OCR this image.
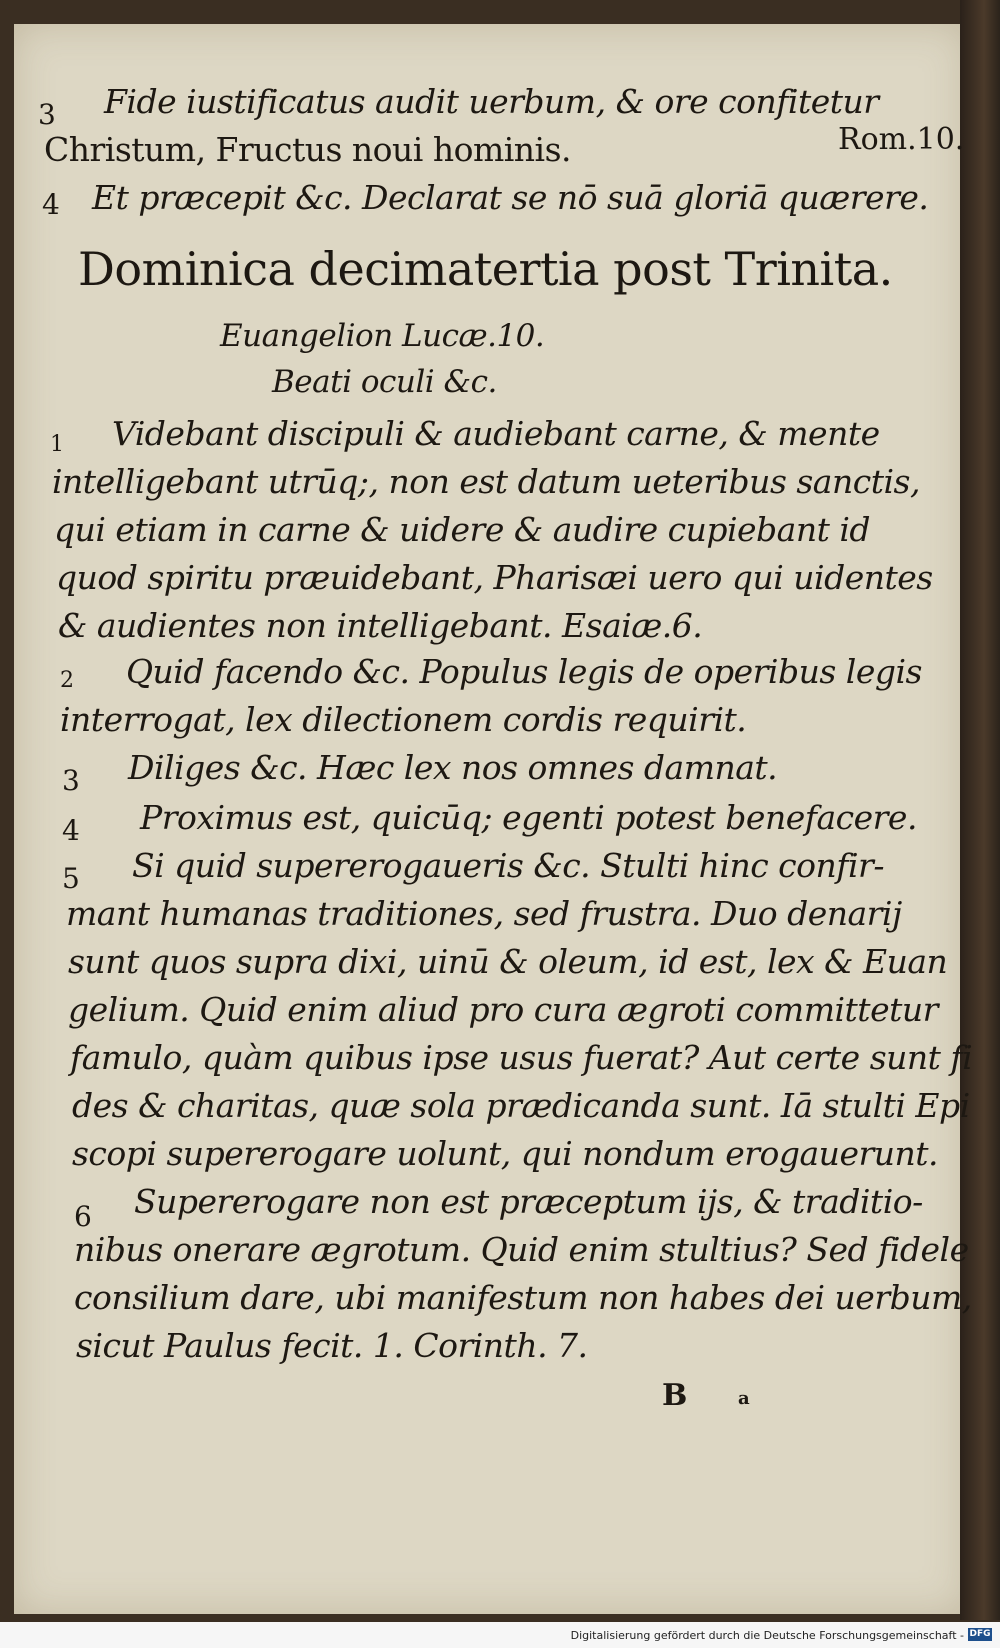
Rom.10.
3 Fide iustificatus audit uerbum, & ore confitetur
Christum, Fructus noui hominis.
4 Et præcepit &c. Declarat se nō suā gloriā quærere.
Dominica decimatertia post Trinita.
Euangelion Lucæ.10.
Beati oculi &c.
1 Videbant discipuli & audiebant carne, & mente
intelligebant utrūq;, non est datum ueteribus sanctis,
qui etiam in carne & uidere & audire cupiebant id
quod spiritu præuidebant, Pharisæi uero qui uidentes
& audientes non intelligebant. Esaiæ.6.
2 Quid facendo &c. Populus legis de operibus legis
interrogat, lex dilectionem cordis requirit.
3 Diliges &c. Hæc lex nos omnes damnat.
4 Proximus est, quicūq; egenti potest benefacere.
5 Si quid supererogaueris &c. Stulti hinc confir-
mant humanas traditiones, sed frustra. Duo denarij
sunt quos supra dixi, uinū & oleum, id est, lex & Euan
gelium. Quid enim aliud pro cura ægroti committetur
famulo, quàm quibus ipse usus fuerat? Aut certe sunt fi
des & charitas, quæ sola prædicanda sunt. Iā stulti Epi
scopi supererogare uolunt, qui nondum erogauerunt.
6 Supererogare non est præceptum ijs, & traditio-
nibus onerare ægrotum. Quid enim stultius? Sed fidele
consilium dare, ubi manifestum non habes dei uerbum,
sicut Paulus fecit. 1. Corinth. 7.
B	a
Digitalisierung gefördert durch die Deutsche Forschungsgemeinschaft - DFG
